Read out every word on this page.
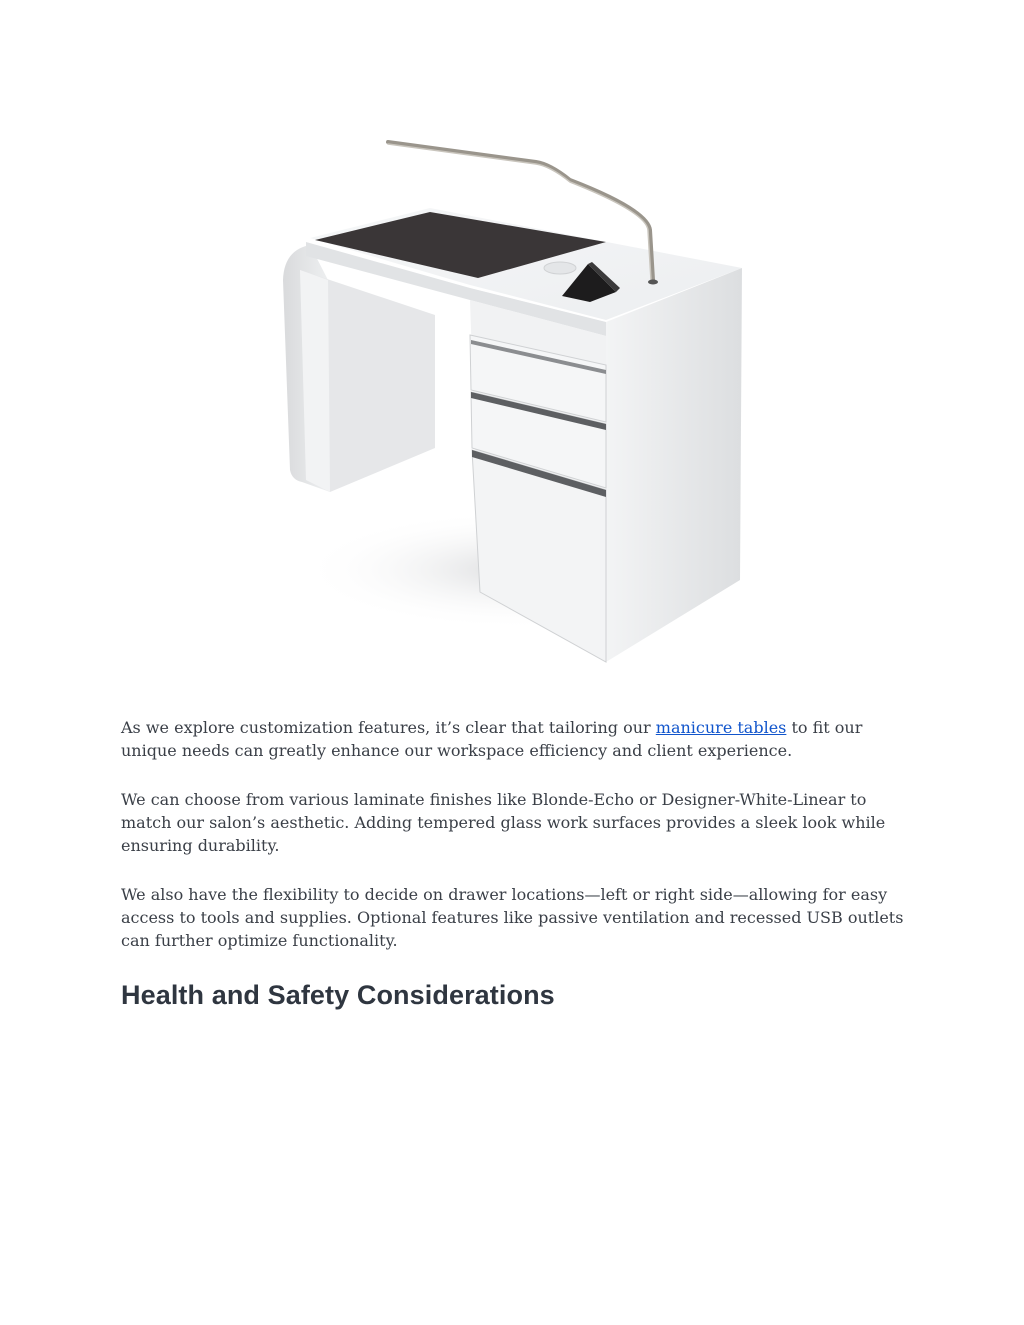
As we explore customization features, it’s clear that tailoring our manicure tables to fit our unique needs can greatly enhance our workspace efficiency and client experience.

We can choose from various laminate finishes like Blonde-Echo or Designer-White-Linear to match our salon’s aesthetic. Adding tempered glass work surfaces provides a sleek look while ensuring durability.

We also have the flexibility to decide on drawer locations—left or right side—allowing for easy access to tools and supplies. Optional features like passive ventilation and recessed USB outlets can further optimize functionality.

Health and Safety Considerations
